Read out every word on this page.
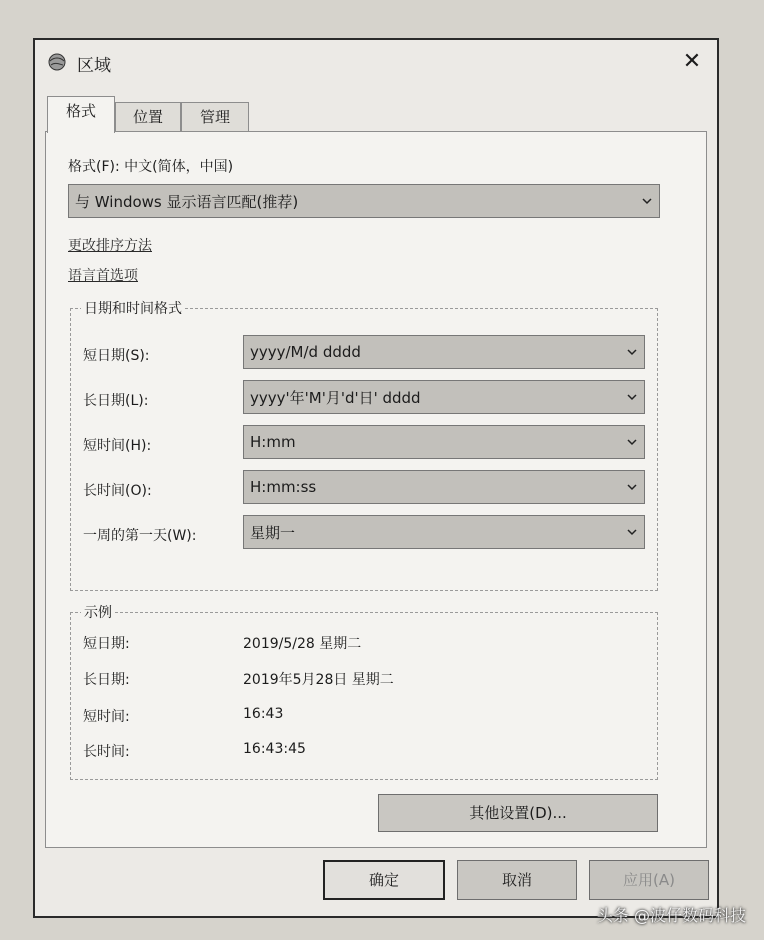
区域	✕
格式	位置	管理
格式(F): 中文(简体，中国)
与 Windows 显示语言匹配(推荐)
更改排序方法
语言首选项
日期和时间格式
短日期(S):	yyyy/M/d dddd
长日期(L):	yyyy'年'M'月'd'日' dddd
短时间(H):	H:mm
长时间(O):	H:mm:ss
一周的第一天(W):	星期一
示例
短日期:	2019/5/28 星期二
长日期:	2019年5月28日 星期二
短时间:	16:43
长时间:	16:43:45
其他设置(D)...
确定	取消	应用(A)
头条 @波仔数码科技
